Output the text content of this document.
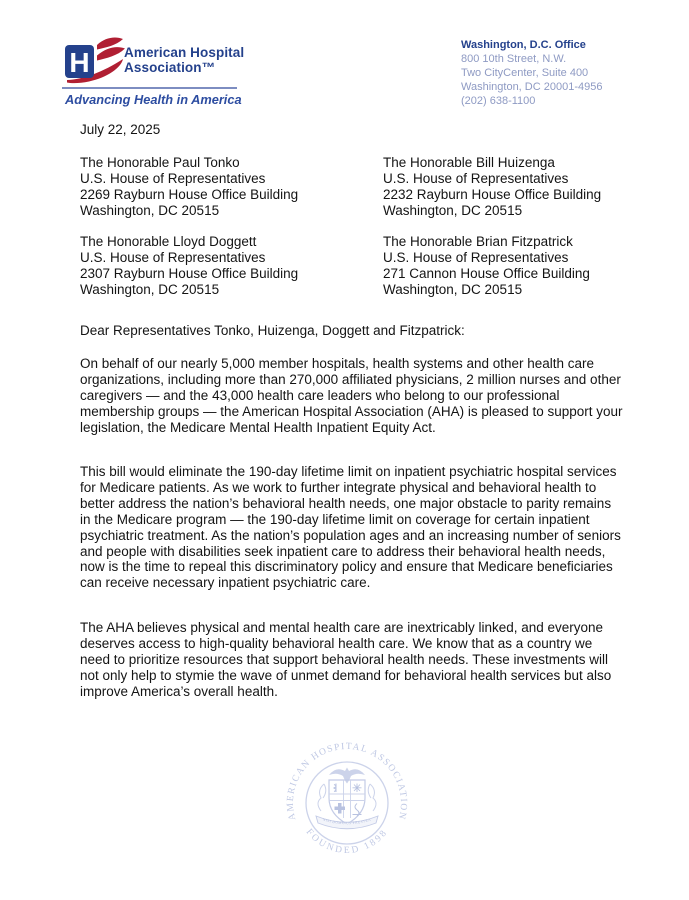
H	American Hospital
Association™
Advancing Health in America
Washington, D.C. Office
800 10th Street, N.W.
Two CityCenter, Suite 400
Washington, DC 20001-4956
(202) 638-1100
July 22, 2025
The Honorable Paul Tonko
U.S. House of Representatives
2269 Rayburn House Office Building
Washington, DC 20515
The Honorable Bill Huizenga
U.S. House of Representatives
2232 Rayburn House Office Building
Washington, DC 20515
The Honorable Lloyd Doggett
U.S. House of Representatives
2307 Rayburn House Office Building
Washington, DC 20515
The Honorable Brian Fitzpatrick
U.S. House of Representatives
271 Cannon House Office Building
Washington, DC 20515
Dear Representatives Tonko, Huizenga, Doggett and Fitzpatrick:

On behalf of our nearly 5,000 member hospitals, health systems and other health care organizations, including more than 270,000 affiliated physicians, 2 million nurses and other caregivers — and the 43,000 health care leaders who belong to our professional membership groups — the American Hospital Association (AHA) is pleased to support your legislation, the Medicare Mental Health Inpatient Equity Act.

This bill would eliminate the 190-day lifetime limit on inpatient psychiatric hospital services for Medicare patients. As we work to further integrate physical and behavioral health to better address the nation’s behavioral health needs, one major obstacle to parity remains in the Medicare program — the 190-day lifetime limit on coverage for certain inpatient psychiatric treatment. As the nation’s population ages and an increasing number of seniors and people with disabilities seek inpatient care to address their behavioral health needs, now is the time to repeal this discriminatory policy and ensure that Medicare beneficiaries can receive necessary inpatient psychiatric care.

The AHA believes physical and mental health care are inextricably linked, and everyone deserves access to high-quality behavioral health care. We know that as a country we need to prioritize resources that support behavioral health needs. These investments will not only help to stymie the wave of unmet demand for behavioral health services but also improve America’s overall health.

NISI DOMINUS FRUSTRA
AMERICAN HOSPITAL ASSOCIATION
FOUNDED 1898
